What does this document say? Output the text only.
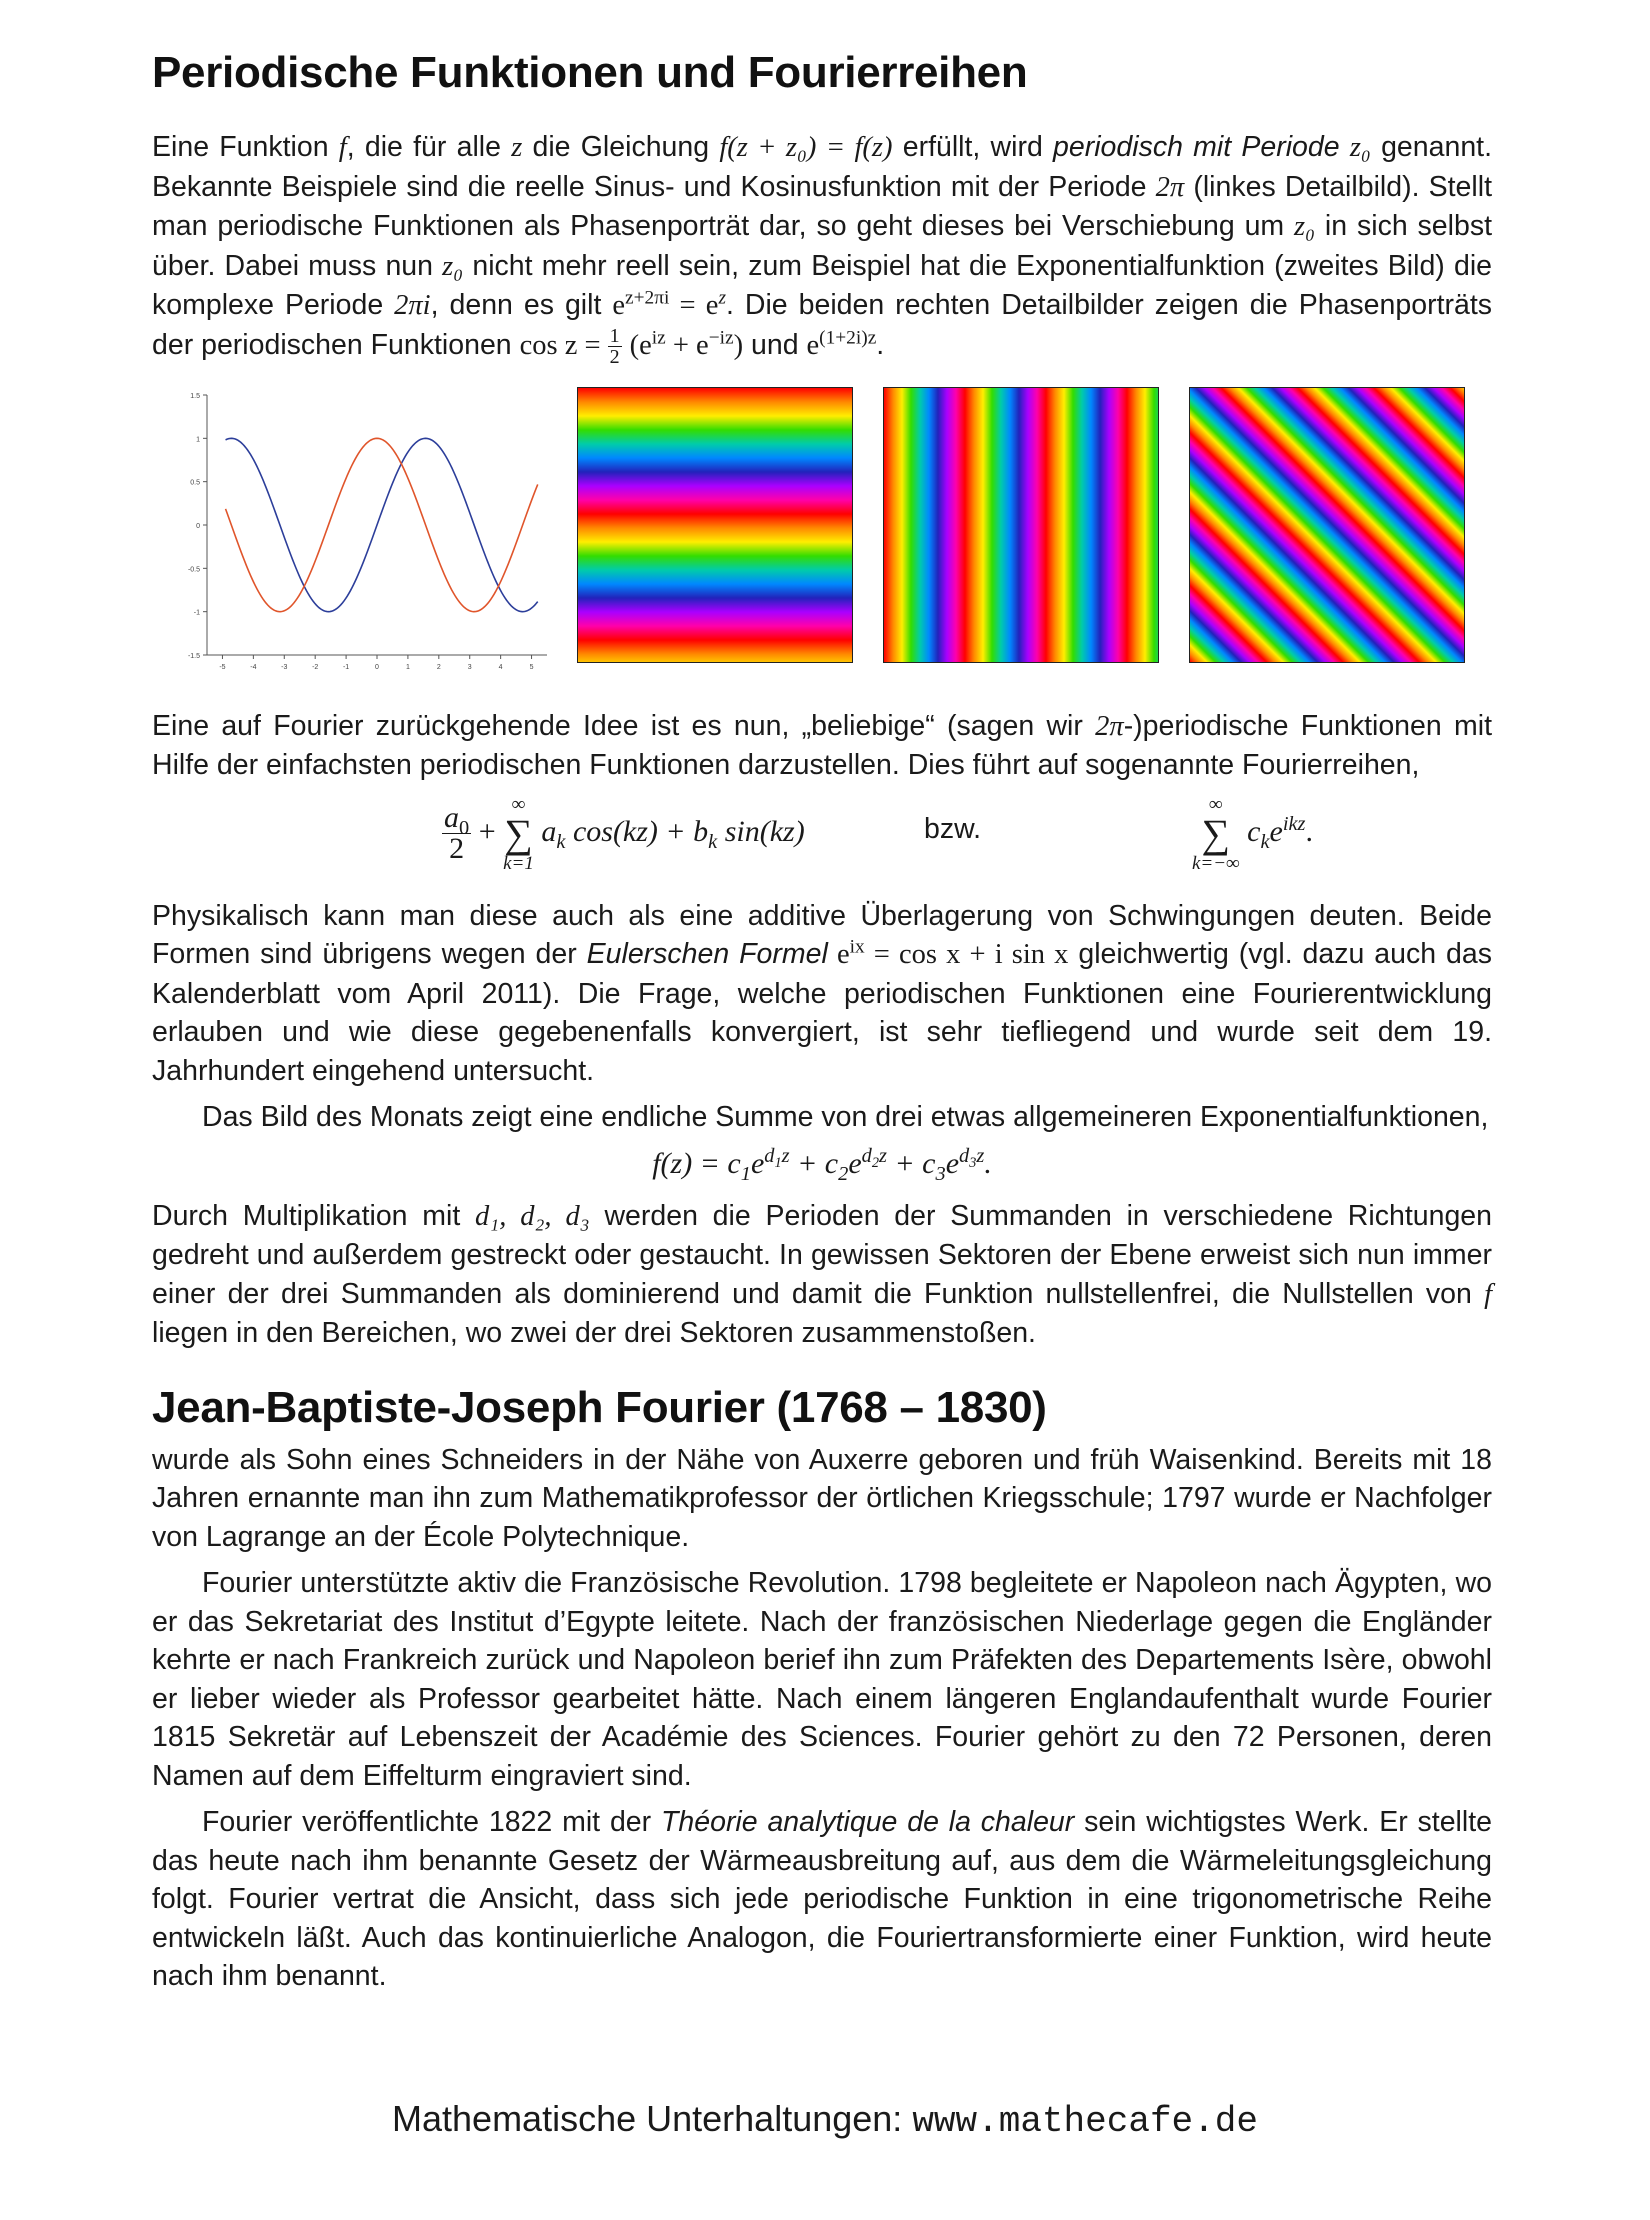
Periodische Funktionen und Fourierreihen

Eine Funktion f, die für alle z die Gleichung f(z + z₀) = f(z) erfüllt, wird periodisch mit Periode z₀ genannt. Bekannte Beispiele sind die reelle Sinus- und Kosinusfunktion mit der Periode 2π (linkes Detailbild). Stellt man periodische Funktionen als Phasenporträt dar, so geht dieses bei Verschiebung um z₀ in sich selbst über. Dabei muss nun z₀ nicht mehr reell sein, zum Beispiel hat die Exponentialfunktion (zweites Bild) die komplexe Periode 2πi, denn es gilt $e^{z+2\pi i} = e^z$. Die beiden rechten Detailbilder zeigen die Phasenporträts der periodischen Funktionen $\cos z = \frac{1}{2} (e^{iz} + e^{-iz})$ und $e^{(1+2i)z}$.

1.5
1
0.5
0
-0.5
-1
-1.5
-5	-4	-3	-2	-1	0	1	2	3	4	5

Eine auf Fourier zurückgehende Idee ist es nun, „beliebige“ (sagen wir 2π-)periodische Funktionen mit Hilfe der einfachsten periodischen Funktionen darzustellen. Dies führt auf sogenannte Fourierreihen,

$\frac{a_0}{2}$ +
∞
∑
k=1
$a_k$ $\cos(kz) + b_k$ sin(kz)	bzw.
∞
∑
k=−∞
$c_ke^{ikz}$.

Physikalisch kann man diese auch als eine additive Überlagerung von Schwingungen deuten. Beide Formen sind übrigens wegen der Eulerschen Formel $e^{ix} = \cos x + i$ sin x gleichwertig (vgl. dazu auch das Kalenderblatt vom April 2011). Die Frage, welche periodischen Funktionen eine Fourierentwicklung erlauben und wie diese gegebenenfalls konvergiert, ist sehr tiefliegend und wurde seit dem 19. Jahrhundert eingehend untersucht.

Das Bild des Monats zeigt eine endliche Summe von drei etwas allgemeineren Exponentialfunktionen,

$f(z) = c_1e^{d_1z} + c_2e^{d_2z} + c_3e^{d_3z}$.

Durch Multiplikation mit d₁, d₂, d₃ werden die Perioden der Summanden in verschiedene Richtungen gedreht und außerdem gestreckt oder gestaucht. In gewissen Sektoren der Ebene erweist sich nun immer einer der drei Summanden als dominierend und damit die Funktion nullstellenfrei, die Nullstellen von f liegen in den Bereichen, wo zwei der drei Sektoren zusammenstoßen.

Jean-Baptiste-Joseph Fourier (1768 – 1830)

wurde als Sohn eines Schneiders in der Nähe von Auxerre geboren und früh Waisenkind. Bereits mit 18 Jahren ernannte man ihn zum Mathematikprofessor der örtlichen Kriegsschule; 1797 wurde er Nachfolger von Lagrange an der École Polytechnique.

Fourier unterstützte aktiv die Französische Revolution. 1798 begleitete er Napoleon nach Ägypten, wo er das Sekretariat des Institut d’Egypte leitete. Nach der französischen Niederlage gegen die Engländer kehrte er nach Frankreich zurück und Napoleon berief ihn zum Präfekten des Departements Isère, obwohl er lieber wieder als Professor gearbeitet hätte. Nach einem längeren Englandaufenthalt wurde Fourier 1815 Sekretär auf Lebenszeit der Académie des Sciences. Fourier gehört zu den 72 Personen, deren Namen auf dem Eiffelturm eingraviert sind.

Fourier veröffentlichte 1822 mit der Théorie analytique de la chaleur sein wichtigstes Werk. Er stellte das heute nach ihm benannte Gesetz der Wärmeausbreitung auf, aus dem die Wärmeleitungsgleichung folgt. Fourier vertrat die Ansicht, dass sich jede periodische Funktion in eine trigonometrische Reihe entwickeln läßt. Auch das kontinuierliche Analogon, die Fouriertransformierte einer Funktion, wird heute nach ihm benannt.

Mathematische Unterhaltungen: www.mathecafe.de
